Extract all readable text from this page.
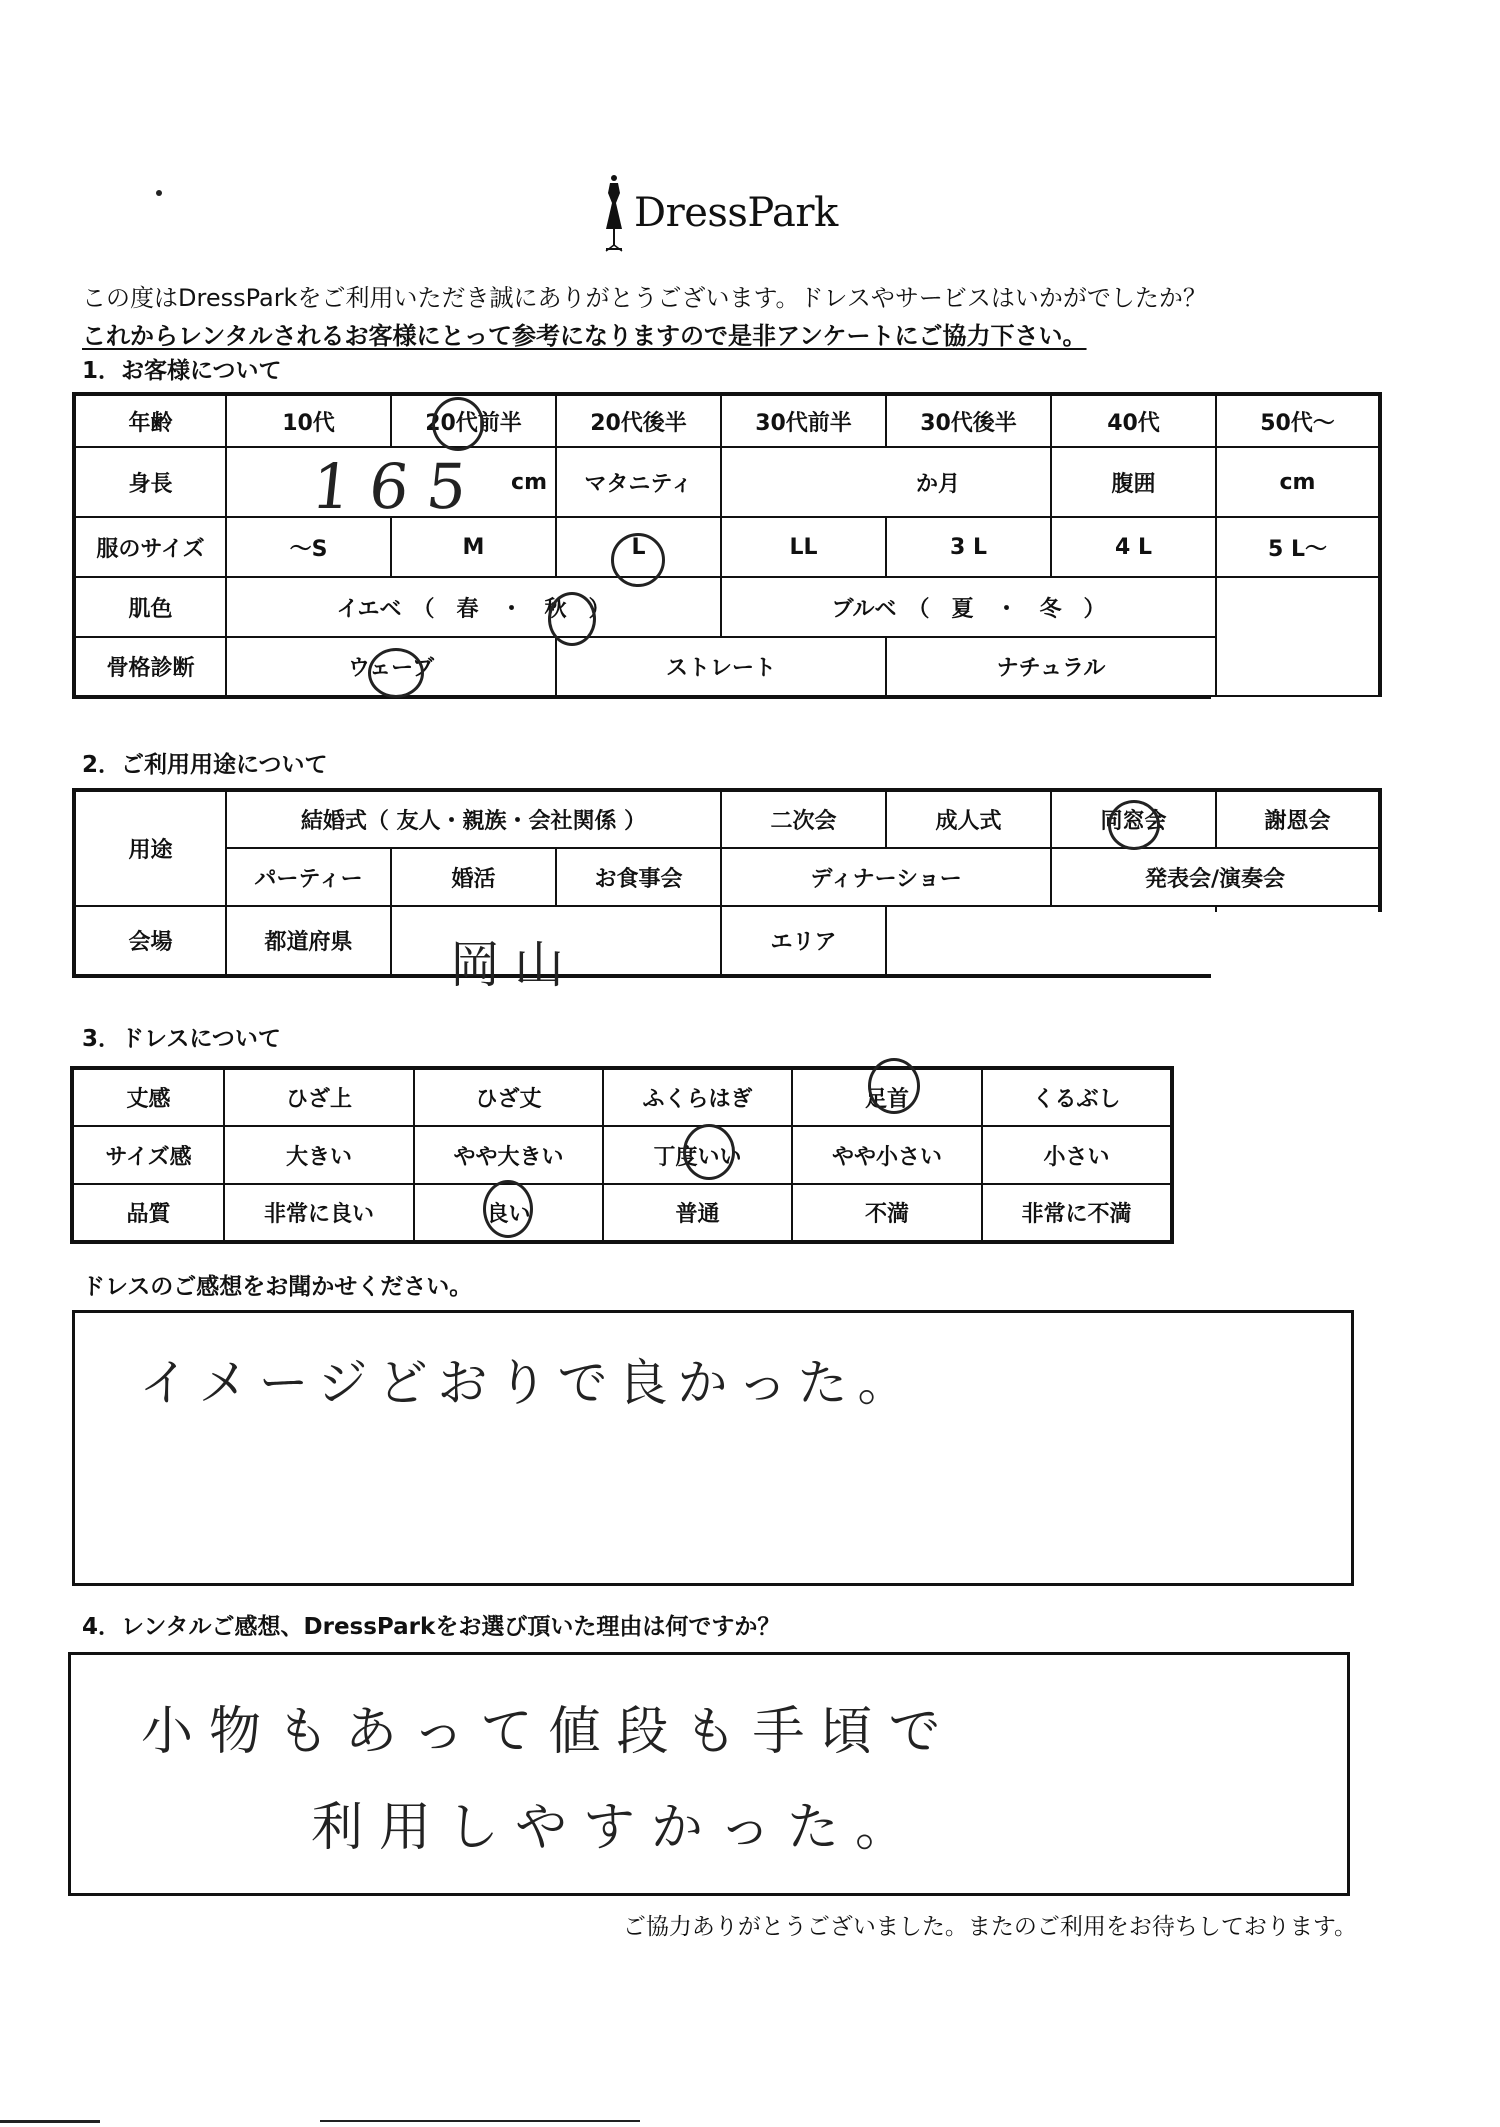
DressPark
この度はDressParkをご利用いただき誠にありがとうございます。ドレスやサービスはいかがでしたか？
これからレンタルされるお客様にとって参考になりますので是非アンケートにご協力下さい。
1．お客様について
年齢	10代	20代前半	20代後半	30代前半	30代後半	40代	50代〜
身長	cm		マタニティ	か月		腹囲	cm
服のサイズ	〜S	M	L	LL	3 L	4 L	5 L〜
肌色	イエベ　（　春　・　秋　）			ブルベ　（　夏　・　冬　）			
骨格診断	ウェーブ		ストレート		ナチュラル		
165
2．ご利用用途について
用途	結婚式（ 友人・親族・会社関係 ）			二次会	成人式	同窓会	謝恩会
	パーティー	婚活	お食事会	ディナーショー		発表会/演奏会	
会場	都道府県			エリア			
岡山
3．ドレスについて
丈感	ひざ上	ひざ丈	ふくらはぎ	足首	くるぶし
サイズ感	大きい	やや大きい	丁度いい	やや小さい	小さい
品質	非常に良い	良い	普通	不満	非常に不満
ドレスのご感想をお聞かせください。
イメージどおりで良かった。
4．レンタルご感想、DressParkをお選び頂いた理由は何ですか？
小物もあって値段も手頃で
利用しやすかった。
ご協力ありがとうございました。またのご利用をお待ちしております。
